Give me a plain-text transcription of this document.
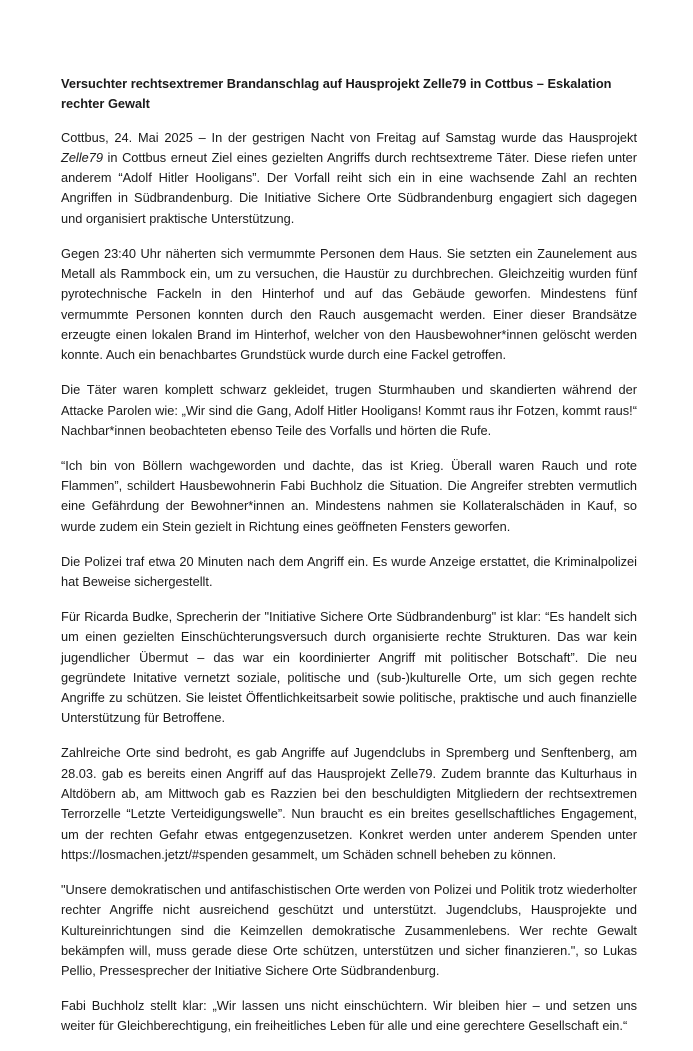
Versuchter rechtsextremer Brandanschlag auf Hausprojekt Zelle79 in Cottbus – Eskalation rechter Gewalt

Cottbus, 24. Mai 2025 – In der gestrigen Nacht von Freitag auf Samstag wurde das Hausprojekt Zelle79 in Cottbus erneut Ziel eines gezielten Angriffs durch rechtsextreme Täter. Diese riefen unter anderem “Adolf Hitler Hooligans”. Der Vorfall reiht sich ein in eine wachsende Zahl an rechten Angriffen in Südbrandenburg. Die Initiative Sichere Orte Südbrandenburg engagiert sich dagegen und organisiert praktische Unterstützung.

Gegen 23:40 Uhr näherten sich vermummte Personen dem Haus. Sie setzten ein Zaunelement aus Metall als Rammbock ein, um zu versuchen, die Haustür zu durchbrechen. Gleichzeitig wurden fünf pyrotechnische Fackeln in den Hinterhof und auf das Gebäude geworfen. Mindestens fünf vermummte Personen konnten durch den Rauch ausgemacht werden. Einer dieser Brandsätze erzeugte einen lokalen Brand im Hinterhof, welcher von den Hausbewohner*innen gelöscht werden konnte. Auch ein benachbartes Grundstück wurde durch eine Fackel getroffen.

Die Täter waren komplett schwarz gekleidet, trugen Sturmhauben und skandierten während der Attacke Parolen wie: „Wir sind die Gang, Adolf Hitler Hooligans! Kommt raus ihr Fotzen, kommt raus!“ Nachbar*innen beobachteten ebenso Teile des Vorfalls und hörten die Rufe.

“Ich bin von Böllern wachgeworden und dachte, das ist Krieg. Überall waren Rauch und rote Flammen”, schildert Hausbewohnerin Fabi Buchholz die Situation. Die Angreifer strebten vermutlich eine Gefährdung der Bewohner*innen an. Mindestens nahmen sie Kollateralschäden in Kauf, so wurde zudem ein Stein gezielt in Richtung eines geöffneten Fensters geworfen.

Die Polizei traf etwa 20 Minuten nach dem Angriff ein. Es wurde Anzeige erstattet, die Kriminalpolizei hat Beweise sichergestellt.

Für Ricarda Budke, Sprecherin der "Initiative Sichere Orte Südbrandenburg" ist klar: “Es handelt sich um einen gezielten Einschüchterungsversuch durch organisierte rechte Strukturen. Das war kein jugendlicher Übermut – das war ein koordinierter Angriff mit politischer Botschaft”. Die neu gegründete Initative vernetzt soziale, politische und (sub-)kulturelle Orte, um sich gegen rechte Angriffe zu schützen. Sie leistet Öffentlichkeitsarbeit sowie politische, praktische und auch finanzielle Unterstützung für Betroffene.

Zahlreiche Orte sind bedroht, es gab Angriffe auf Jugendclubs in Spremberg und Senftenberg, am 28.03. gab es bereits einen Angriff auf das Hausprojekt Zelle79. Zudem brannte das Kulturhaus in Altdöbern ab, am Mittwoch gab es Razzien bei den beschuldigten Mitgliedern der rechtsextremen Terrorzelle “Letzte Verteidigungswelle”. Nun braucht es ein breites gesellschaftliches Engagement, um der rechten Gefahr etwas entgegenzusetzen. Konkret werden unter anderem Spenden unter https://losmachen.jetzt/#spenden gesammelt, um Schäden schnell beheben zu können.

"Unsere demokratischen und antifaschistischen Orte werden von Polizei und Politik trotz wiederholter rechter Angriffe nicht ausreichend geschützt und unterstützt. Jugendclubs, Hausprojekte und Kultureinrichtungen sind die Keimzellen demokratische Zusammenlebens. Wer rechte Gewalt bekämpfen will, muss gerade diese Orte schützen, unterstützen und sicher finanzieren.", so Lukas Pellio, Pressesprecher der Initiative Sichere Orte Südbrandenburg.

Fabi Buchholz stellt klar: „Wir lassen uns nicht einschüchtern. Wir bleiben hier – und setzen uns weiter für Gleichberechtigung, ein freiheitliches Leben für alle und eine gerechtere Gesellschaft ein.“
